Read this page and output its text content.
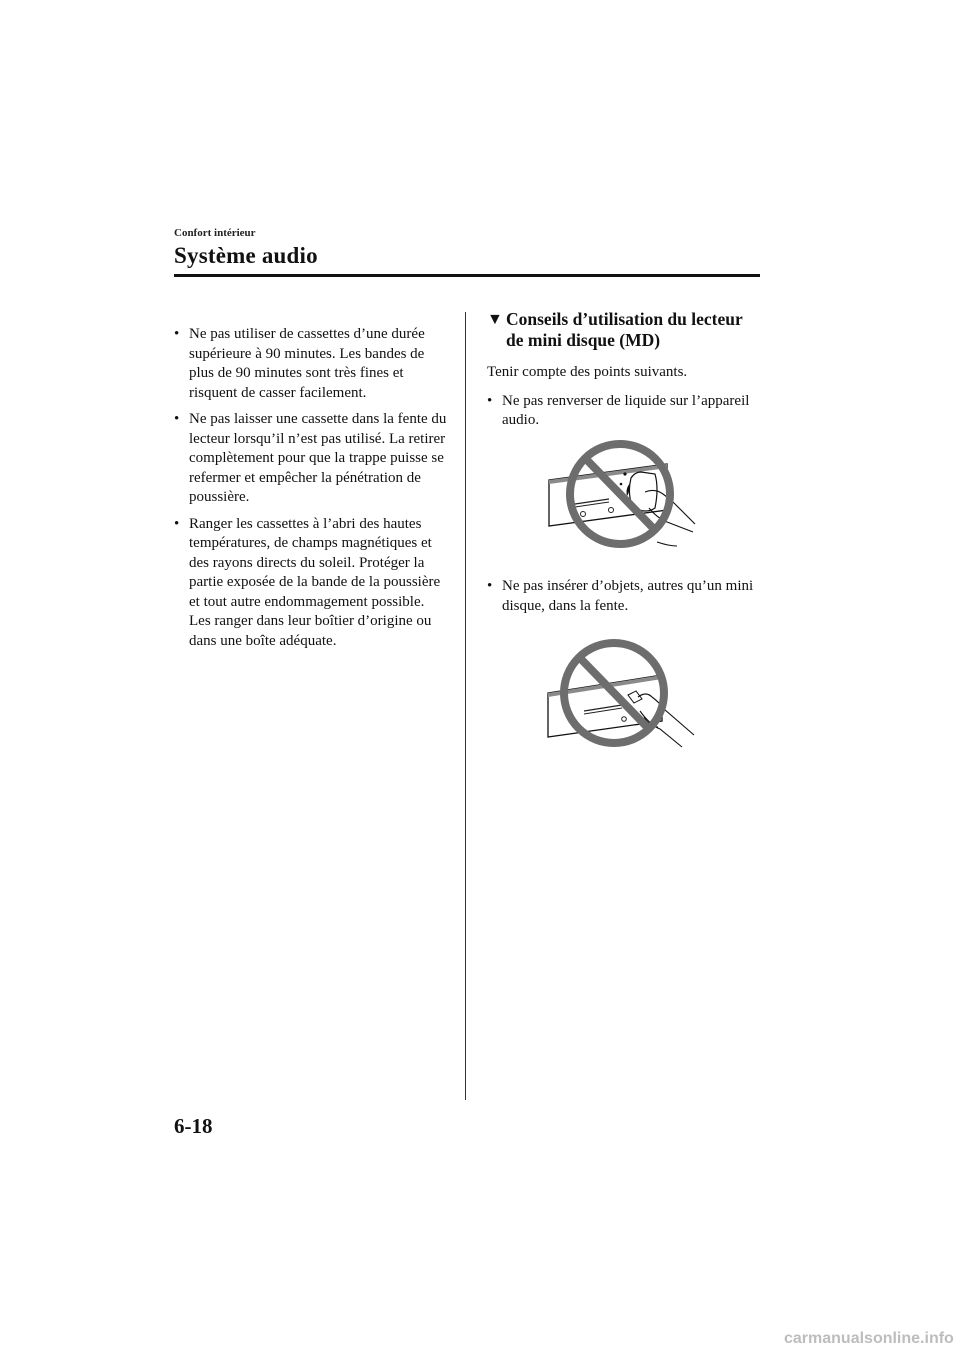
Confort intérieur
Système audio
• Ne pas utiliser de cassettes d’une durée supérieure à 90 minutes. Les bandes de plus de 90 minutes sont très fines et risquent de casser facilement.
• Ne pas laisser une cassette dans la fente du lecteur lorsqu’il n’est pas utilisé. La retirer complètement pour que la trappe puisse se refermer et empêcher la pénétration de poussière.
• Ranger les cassettes à l’abri des hautes températures, de champs magnétiques et des rayons directs du soleil. Protéger la partie exposée de la bande de la poussière et tout autre endommagement possible. Les ranger dans leur boîtier d’origine ou dans une boîte adéquate.
▼ Conseils d’utilisation du lecteur de mini disque (MD)

Tenir compte des points suivants.

• Ne pas renverser de liquide sur l’appareil audio.
• Ne pas insérer d’objets, autres qu’un mini disque, dans la fente.
6-18
carmanualsonline.info
